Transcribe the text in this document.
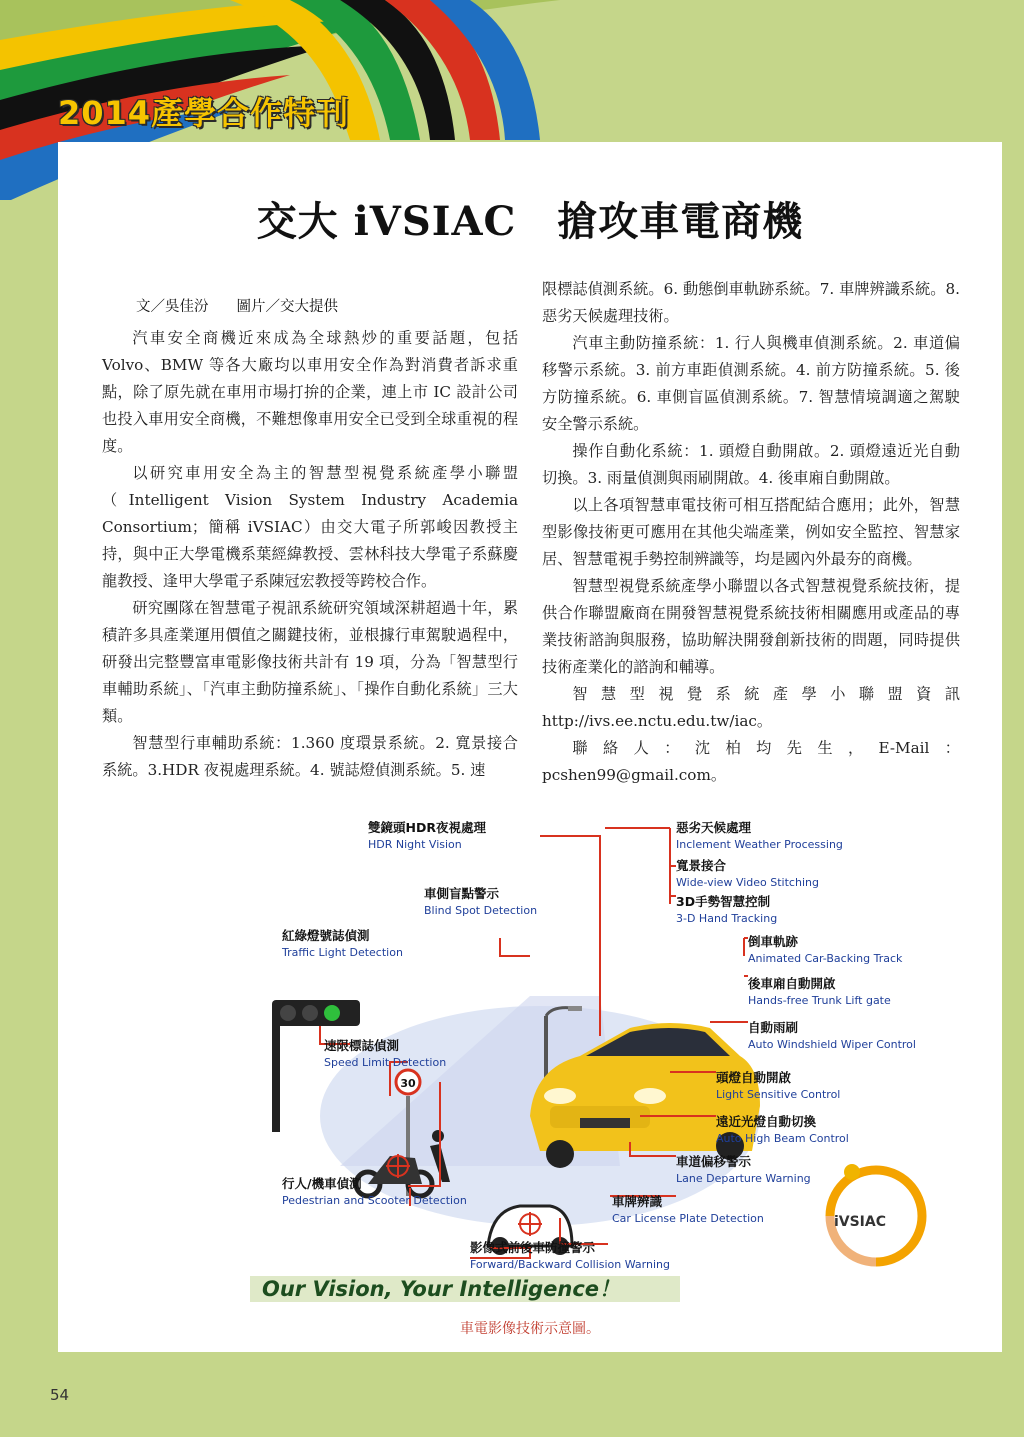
2014產學合作特刊
交大 iVSIAC　搶攻車電商機

文／吳佳汾 圖片／交大提供

汽車安全商機近來成為全球熱炒的重要話題，包括 Volvo、BMW 等各大廠均以車用安全作為對消費者訴求重點，除了原先就在車用市場打拚的企業，連上市 IC 設計公司也投入車用安全商機，不難想像車用安全已受到全球重視的程度。

以研究車用安全為主的智慧型視覺系統產學小聯盟（Intelligent Vision System Industry Academia Consortium；簡稱 iVSIAC）由交大電子所郭峻因教授主持，與中正大學電機系葉經緯教授、雲林科技大學電子系蘇慶龍教授、逢甲大學電子系陳冠宏教授等跨校合作。

研究團隊在智慧電子視訊系統研究領域深耕超過十年，累積許多具產業運用價值之關鍵技術，並根據行車駕駛過程中，研發出完整豐富車電影像技術共計有 19 項，分為「智慧型行車輔助系統」、「汽車主動防撞系統」、「操作自動化系統」三大類。

智慧型行車輔助系統：1.360 度環景系統。2. 寬景接合系統。3.HDR 夜視處理系統。4. 號誌燈偵測系統。5. 速

限標誌偵測系統。6. 動態倒車軌跡系統。7. 車牌辨識系統。8. 惡劣天候處理技術。

汽車主動防撞系統：1. 行人與機車偵測系統。2. 車道偏移警示系統。3. 前方車距偵測系統。4. 前方防撞系統。5. 後方防撞系統。6. 車側盲區偵測系統。7. 智慧情境調適之駕駛安全警示系統。

操作自動化系統：1. 頭燈自動開啟。2. 頭燈遠近光自動切換。3. 雨量偵測與雨刷開啟。4. 後車廂自動開啟。

以上各項智慧車電技術可相互搭配結合應用；此外，智慧型影像技術更可應用在其他尖端產業，例如安全監控、智慧家居、智慧電視手勢控制辨識等，均是國內外最夯的商機。

智慧型視覺系統產學小聯盟以各式智慧視覺系統技術，提供合作聯盟廠商在開發智慧視覺系統技術相關應用或產品的專業技術諮詢與服務，協助解決開發創新技術的問題，同時提供技術產業化的諮詢和輔導。

智慧型視覺系統產學小聯盟資訊 http://ivs.ee.nctu.edu.tw/iac。

聯絡人：沈柏均先生，E-Mail：pcshen99@gmail.com。

30
雙鏡頭HDR夜視處理
HDR Night Vision
車側盲點警示
Blind Spot Detection
紅綠燈號誌偵測
Traffic Light Detection
速限標誌偵測
Speed Limit Detection
行人/機車偵測
Pedestrian and Scooter Detection
影像式前後車防撞警示
Forward/Backward Collision Warning
惡劣天候處理
Inclement Weather Processing
寬景接合
Wide-view Video Stitching
3D手勢智慧控制
3-D Hand Tracking
倒車軌跡
Animated Car-Backing Track
後車廂自動開啟
Hands-free Trunk Lift gate
自動雨刷
Auto Windshield Wiper Control
頭燈自動開啟
Light Sensitive Control
遠近光燈自動切換
Auto High Beam Control
車道偏移警示
Lane Departure Warning
車牌辨識
Car License Plate Detection	iVSIAC
Our Vision, Your Intelligence！
車電影像技術示意圖。
54
